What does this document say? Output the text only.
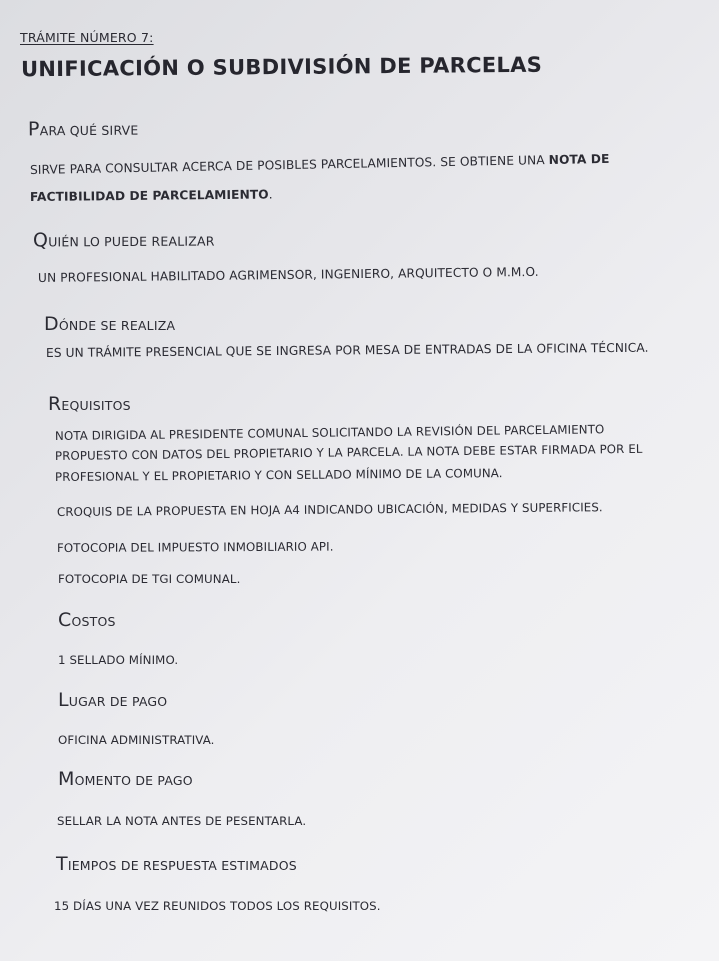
TRÁMITE NÚMERO 7:
UNIFICACIÓN O SUBDIVISIÓN DE PARCELAS
PARA QUÉ SIRVE
SIRVE PARA CONSULTAR ACERCA DE POSIBLES PARCELAMIENTOS. SE OBTIENE UNA NOTA DE
FACTIBILIDAD DE PARCELAMIENTO.
QUIÉN LO PUEDE REALIZAR
UN PROFESIONAL HABILITADO AGRIMENSOR, INGENIERO, ARQUITECTO O M.M.O.
DÓNDE SE REALIZA
ES UN TRÁMITE PRESENCIAL QUE SE INGRESA POR MESA DE ENTRADAS DE LA OFICINA TÉCNICA.
REQUISITOS
NOTA DIRIGIDA AL PRESIDENTE COMUNAL SOLICITANDO LA REVISIÓN DEL PARCELAMIENTO
PROPUESTO CON DATOS DEL PROPIETARIO Y LA PARCELA. LA NOTA DEBE ESTAR FIRMADA POR EL
PROFESIONAL Y EL PROPIETARIO Y CON SELLADO MÍNIMO DE LA COMUNA.
CROQUIS DE LA PROPUESTA EN HOJA A4 INDICANDO UBICACIÓN, MEDIDAS Y SUPERFICIES.
FOTOCOPIA DEL IMPUESTO INMOBILIARIO API.
FOTOCOPIA DE TGI COMUNAL.
COSTOS
1 SELLADO MÍNIMO.
LUGAR DE PAGO
OFICINA ADMINISTRATIVA.
MOMENTO DE PAGO
SELLAR LA NOTA ANTES DE PESENTARLA.
TIEMPOS DE RESPUESTA ESTIMADOS
15 DÍAS UNA VEZ REUNIDOS TODOS LOS REQUISITOS.
